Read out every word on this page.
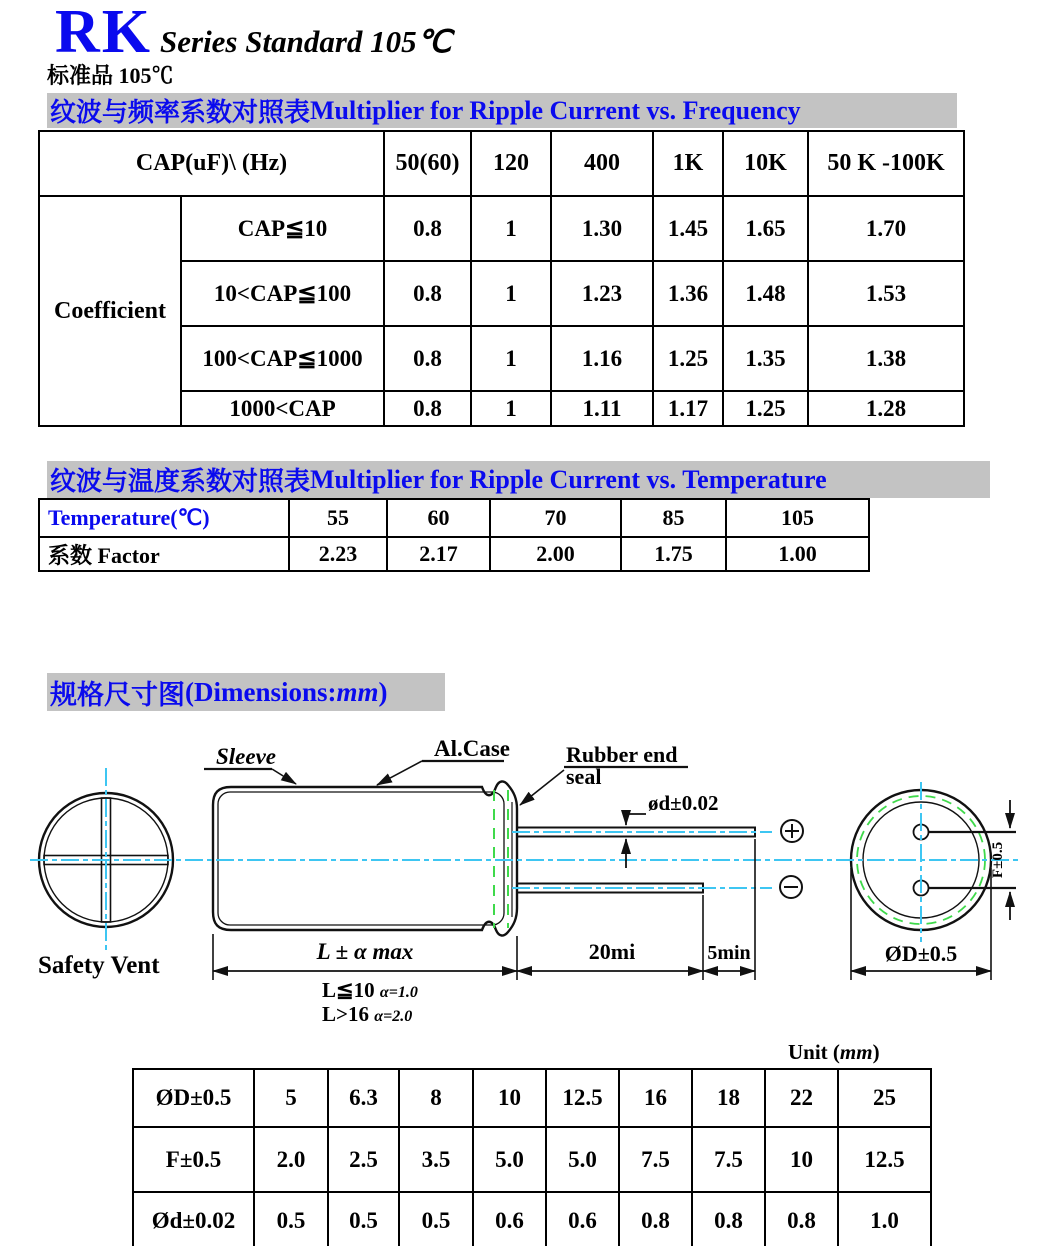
RK Series Standard 105℃
标准品 105℃
纹波与频率系数对照表 Multiplier for Ripple Current vs. Frequency
CAP(uF)\ (Hz)		50(60)	120	400	1K	10K	50 K -100K
Coefficient	CAP≦10	0.8	1	1.30	1.45	1.65	1.70
	10<CAP≦100	0.8	1	1.23	1.36	1.48	1.53
	100<CAP≦1000	0.8	1	1.16	1.25	1.35	1.38
	1000<CAP	0.8	1	1.11	1.17	1.25	1.28
纹波与温度系数对照表 Multiplier for Ripple Current vs. Temperature
Temperature(℃)	55	60	70	85	105
系数 Factor	2.23	2.17	2.00	1.75	1.00
规格尺寸图 (Dimensions: mm )
Sleeve	Al.Case	Rubber end
seal
Safety Vent
ød±0.02
F±0.5
ØD±0.5
L ± α max
L≦10 α=1.0
L>16 α=2.0
20mi	5min
Unit (mm)
ØD±0.5	5	6.3	8	10	12.5	16	18	22	25
F±0.5	2.0	2.5	3.5	5.0	5.0	7.5	7.5	10	12.5
Ød±0.02	0.5	0.5	0.5	0.6	0.6	0.8	0.8	0.8	1.0
